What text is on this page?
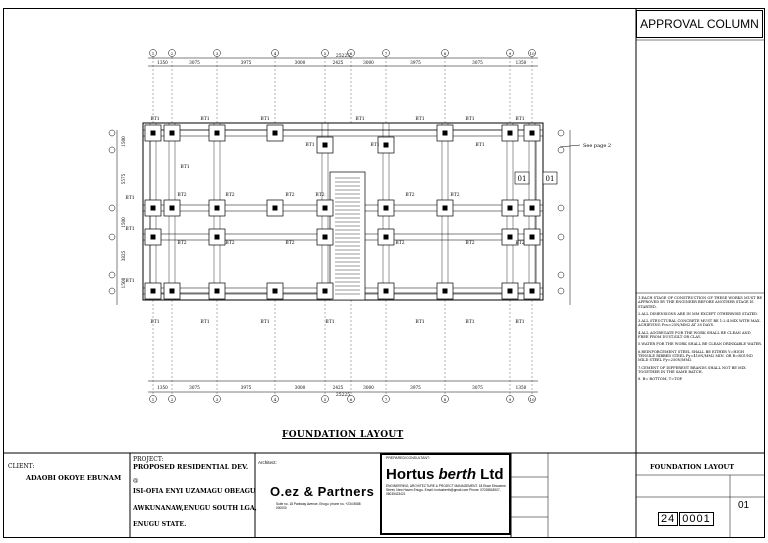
1
1
2
2
3
3
4
4
5
5
6
6
7
7
8
8
9
9
10
10
1350
1350
3075
3075
3975
3975
3000
3000
2425
2425
3000
3000
3975
3975
3075
3075
1350
1350
25225
25225
1500
5575
1500
3825
1500
BT1	BT1	BT1	BT1	BT1	BT1	BT1
BT1	BT1	BT1	BT1	BT1	BT1	BT1
BT2	BT2	BT2	BT2	BT2	BT2
BT2	BT2	BT2	BT2	BT2	BT2
BT1
BT1	BT1	BT1
BT1
BT1
BT1
01	01
See page 2
APPROVAL COLUMN

1.EACH STAGE OF CONSTRUCTION OF THESE WORKS MUST BE APPROVED BY THE ENGINEER BEFORE ANOTHER STAGE IS STARTED.

2.ALL DIMENSIONS ARE IN MM EXCEPT OTHERWISE STATED.

3.ALL STRUCTURAL CONCRETE MUST BE 1:2:4 MIX WITH MAX. ACHIEVING Fcu=25N/MM2 AT 28 DAYS.

4.ALL AGGREGATE FOR THE WORK SHALL BE CLEAN AND FREE FROM DUST,SILT OR CLAY.

5.WATER FOR THE WORK SHALL BE CLEAN DRINKABLE WATER.

6.REINFORCEMENT STEEL SHALL BE EITHER Y=HIGH TENSILE RIBBED STEEL Fy=410N/MM2 MIN. OR R=ROUND MILD STEEL Fy=250N/MM2

7.CEMENT OF DIFFERENT BRANDS SHALL NOT BE MIX TOGETHER IN THE SAME BATCH.

8. B= BOTTOM, T=TOP.

FOUNDATION LAYOUT
CLIENT:
ADAOBI OKOYE EBUNAM
PROJECT:
PROPOSED RESIDENTIAL DEV.
@
ISI-OFIA ENYI UZAMAGU OBEAGU
AWKUNANAW,ENUGU SOUTH LGA,
ENUGU STATE.
Architect:
O.ez & Partners
Suite no. 18 Parkway Avenue, Enugu. phone no. +234 8088 000000
PREPARED/CONSULTANT:
Hortus berth Ltd
ENGINEERING, ARCHITECTURE & PROJECT MANAGEMENT. 18 Ekwe Ekwueme Street, New Haven Enugu. Email: hortusberth@gmail.com Phone: 07028818907, 08035423421
FOUNDATION LAYOUT
24 0001
01
